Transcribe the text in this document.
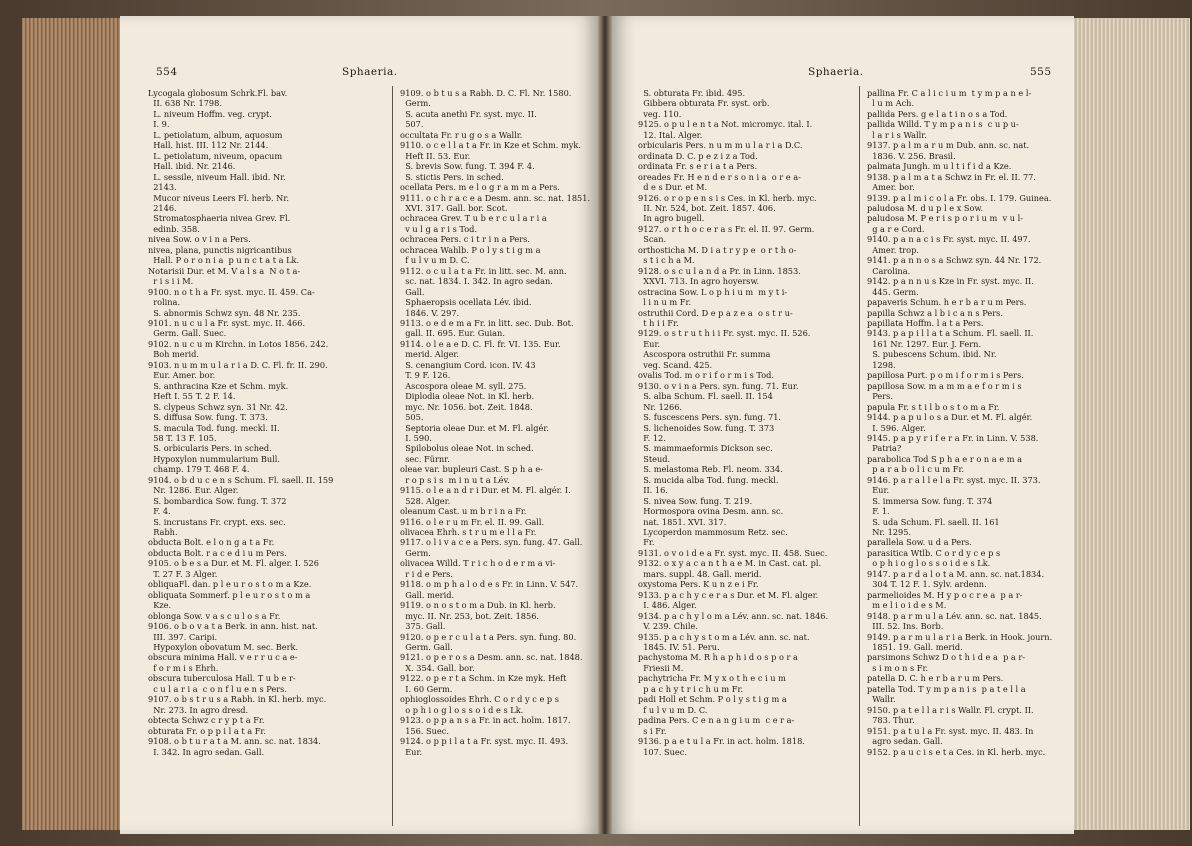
554	Sphaeria.
Lycogala globosum Schrk.Fl. bav.
II. 638 Nr. 1798.
L. niveum Hoffm. veg. crypt.
I. 9.
L. petiolatum, album, aquosum
Hall. hist. III. 112 Nr. 2144.
L. petiolatum, niveum, opacum
Hall. ibid. Nr. 2146.
L. sessile, niveum Hall. ibid. Nr.
2143.
Mucor niveus Leers Fl. herb. Nr.
2146.
Stromatosphaeria nivea Grev. Fl.
edinb. 358.
nivea Sow. o v i n a Pers.
nivea, plana, punctis nigricantibus
Hall. P o r o n i a  p u n c t a t a Lk.
Notarisii Dur. et M. V a l s a  N o t a-
r i s i i M.
9100. n o t h a Fr. syst. myc. II. 459. Ca-
rolina.
S. abnormis Schwz syn. 48 Nr. 235.
9101. n u c u l a Fr. syst. myc. II. 466.
Germ. Gall. Suec.
9102. n u c u m Kirchn. in Lotos 1856. 242.
Boh merid.
9103. n u m m u l a r i a D. C. Fl. fr. II. 290.
Eur. Amer. bor.
S. anthracina Kze et Schm. myk.
Heft I. 55 T. 2 F. 14.
S. clypeus Schwz syn. 31 Nr. 42.
S. diffusa Sow. fung. T. 373.
S. macula Tod. fung. meckl. II.
58 T. 13 F. 105.
S. orbicularis Pers. in sched.
Hypoxylon nummularium Bull.
champ. 179 T. 468 F. 4.
9104. o b d u c e n s Schum. Fl. saell. II. 159
Nr. 1286. Eur. Alger.
S. bombardica Sow. fung. T. 372
F. 4.
S. incrustans Fr. crypt. exs. sec.
Rabh.
obducta Bolt. e l o n g a t a Fr.
obducta Bolt. r a c e d i u m Pers.
9105. o b e s a Dur. et M. Fl. alger. I. 526
T. 27 F. 3 Alger.
obliquaFl. dan. p l e u r o s t o m a Kze.
obliquata Sommerf. p l e u r o s t o m a
Kze.
oblonga Sow. v a s c u l o s a Fr.
9106. o b o v a t a Berk. in ann. hist. nat.
III. 397. Caripi.
Hypoxylon obovatum M. sec. Berk.
obscura minima Hall. v e r r u c a e-
f o r m i s Ehrh.
obscura tuberculosa Hall. T u b e r-
c u l a r i a  c o n f l u e n s Pers.
9107. o b s t r u s a Rabh. in Kl. herb. myc.
Nr. 273. In agro dresd.
obtecta Schwz c r y p t a Fr.
obturata Fr. o p p i l a t a Fr.
9108. o b t u r a t a M. ann. sc. nat. 1834.
I. 342. In agro sedan. Gall.
9109. o b t u s a Rabh. D. C. Fl. Nr. 1580.
Germ.
S. acuta anethi Fr. syst. myc. II.
507.
occultata Fr. r u g o s a Wallr.
9110. o c e l l a t a Fr. in Kze et Schm. myk.
Heft II. 53. Eur.
S. brevis Sow. fung. T. 394 F. 4.
S. stictis Pers. in sched.
ocellata Pers. m e l o g r a m m a Pers.
9111. o c h r a c e a Desm. ann. sc. nat. 1851.
XVI. 317. Gall. bor. Scot.
ochracea Grev. T u b e r c u l a r i a
v u l g a r i s Tod.
ochracea Pers. c i t r i n a Pers.
ochracea Wahlb. P o l y s t i g m a
f u l v u m D. C.
9112. o c u l a t a Fr. in litt. sec. M. ann.
sc. nat. 1834. I. 342. In agro sedan.
Gall.
Sphaeropsis ocellata Lév. ibid.
1846. V. 297.
9113. o e d e m a Fr. in litt. sec. Dub. Bot.
gall. II. 695. Eur. Guian.
9114. o l e a e D. C. Fl. fr. VI. 135. Eur.
merid. Alger.
S. cenangium Cord. icon. IV. 43
T. 9 F. 126.
Ascospora oleae M. syll. 275.
Diplodia oleae Not. in Kl. herb.
myc. Nr. 1056. bot. Zeit. 1848.
505.
Septoria oleae Dur. et M. Fl. algér.
I. 590.
Spilobolus oleae Not. in sched.
sec. Fürnr.
oleae var. bupleuri Cast. S p h a e-
r o p s i s  m i n u t a Lév.
9115. o l e a n d r i Dur. et M. Fl. algér. I.
528. Alger.
oleanum Cast. u m b r i n a Fr.
9116. o l e r u m Fr. el. II. 99. Gall.
olivacea Ehrh. s t r u m e l l a Fr.
9117. o l i v a c e a Pers. syn. fung. 47. Gall.
Germ.
olivacea Willd. T r i c h o d e r m a vi-
r i d e Pers.
9118. o m p h a l o d e s Fr. in Linn. V. 547.
Gall. merid.
9119. o n o s t o m a Dub. in Kl. herb.
myc. II. Nr. 253, bot. Zeit. 1856.
375. Gall.
9120. o p e r c u l a t a Pers. syn. fung. 80.
Germ. Gall.
9121. o p e r o s a Desm. ann. sc. nat. 1848.
X. 354. Gall. bor.
9122. o p e r t a Schm. in Kze myk. Heft
I. 60 Germ.
ophioglossoides Ehrh. C o r d y c e p s
o p h i o g l o s s o i d e s Lk.
9123. o p p a n s a Fr. in act. holm. 1817.
156. Suec.
9124. o p p i l a t a Fr. syst. myc. II. 493.
Eur.
Sphaeria.	555
S. obturata Fr. ibid. 495.
Gibbera obturata Fr. syst. orb.
veg. 110.
9125. o p u l e n t a Not. micromyc. ital. I.
12. Ital. Alger.
orbicularis Pers. n u m m u l a r i a D.C.
ordinata D. C. p e z i z a Tod.
ordinata Fr. s e r i a t a Pers.
oreades Fr. H e n d e r s o n i a  o r e a-
d e s Dur. et M.
9126. o r o p e n s i s Ces. in Kl. herb. myc.
II. Nr. 524, bot. Zeit. 1857. 406.
In agro bugell.
9127. o r t h o c e r a s Fr. el. II. 97. Germ.
Scan.
orthosticha M. D i a t r y p e  o r t h o-
s t i c h a M.
9128. o s c u l a n d a Pr. in Linn. 1853.
XXVI. 713. In agro hoyersw.
ostracina Sow. L o p h i u m  m y t i-
l i n u m Fr.
ostruthii Cord. D e p a z e a  o s t r u-
t h i i Fr.
9129. o s t r u t h i i Fr. syst. myc. II. 526.
Eur.
Ascospora ostruthii Fr. summa
veg. Scand. 425.
ovalis Tod. m o r i f o r m i s Tod.
9130. o v i n a Pers. syn. fung. 71. Eur.
S. alba Schum. Fl. saell. II. 154
Nr. 1266.
S. fuscescens Pers. syn. fung. 71.
S. lichenoides Sow. fung. T. 373
F. 12.
S. mammaeformis Dickson sec.
Steud.
S. melastoma Reb. Fl. neom. 334.
S. mucida alba Tod. fung. meckl.
II. 16.
S. nivea Sow. fung. T. 219.
Hormospora ovina Desm. ann. sc.
nat. 1851. XVI. 317.
Lycoperdon mammosum Retz. sec.
Fr.
9131. o v o i d e a Fr. syst. myc. II. 458. Suec.
9132. o x y a c a n t h a e M. in Cast. cat. pl.
mars. suppl. 48. Gall. merid.
oxystoma Pers. K u n z e i Fr.
9133. p a c h y c e r a s Dur. et M. Fl. alger.
I. 486. Alger.
9134. p a c h y l o m a Lév. ann. sc. nat. 1846.
V. 239. Chile.
9135. p a c h y s t o m a Lév. ann. sc. nat.
1845. IV. 51. Peru.
pachystoma M. R h a p h i d o s p o r a
Friesii M.
pachytricha Fr. M y x o t h e c i u m
p a c h y t r i c h u m Fr.
padi Holl et Schm. P o l y s t i g m a
f u l v u m D. C.
padina Pers. C e n a n g i u m  c e r a-
s i Fr.
9136. p a e t u l a Fr. in act. holm. 1818.
107. Suec.
pallina Fr. C a l i c i u m  t y m p a n e l-
l u m Ach.
pallida Pers. g e l a t i n o s a Tod.
pallida Willd. T y m p a n i s  c u p u-
l a r i s Wallr.
9137. p a l m a r u m Dub. ann. sc. nat.
1836. V. 256. Brasil.
palmata Jungh. m u l t i f i d a Kze.
9138. p a l m a t a Schwz in Fr. el. II. 77.
Amer. bor.
9139. p a l m i c o l a Fr. obs. I. 179. Guinea.
paludosa M. d u p l e x Sow.
paludosa M. P e r i s p o r i u m  v u l-
g a r e Cord.
9140. p a n a c i s Fr. syst. myc. II. 497.
Amer. trop.
9141. p a n n o s a Schwz syn. 44 Nr. 172.
Carolina.
9142. p a n n u s Kze in Fr. syst. myc. II.
445. Germ.
papaveris Schum. h e r b a r u m Pers.
papilla Schwz a l b i c a n s Pers.
papillata Hoffm. l a t a Pers.
9143. p a p i l l a t a Schum. Fl. saell. II.
161 Nr. 1297. Eur. J. Fern.
S. pubescens Schum. ibid. Nr.
1298.
papillosa Purt. p o m i f o r m i s Pers.
papillosa Sow. m a m m a e f o r m i s
Pers.
papula Fr. s t i l b o s t o m a Fr.
9144. p a p u l o s a Dur. et M. Fl. algér.
I. 596. Alger.
9145. p a p y r i f e r a Fr. in Linn. V. 538.
Patria?
parabolica Tod S p h a e r o n a e m a
p a r a b o l i c u m Fr.
9146. p a r a l l e l a Fr. syst. myc. II. 373.
Eur.
S. immersa Sow. fung. T. 374
F. 1.
S. uda Schum. Fl. saell. II. 161
Nr. 1295.
parallela Sow. u d a Pers.
parasitica Wtlb. C o r d y c e p s
o p h i o g l o s s o i d e s Lk.
9147. p a r d a l o t a M. ann. sc. nat.1834.
304 T. 12 F. 1. Sylv. ardenn.
parmelioides M. H y p o c r e a  p a r-
m e l i o i d e s M.
9148. p a r m u l a Lév. ann. sc. nat. 1845.
III. 52. Ins. Borb.
9149. p a r m u l a r i a Berk. in Hook. journ.
1851. 19. Gall. merid.
parsimons Schwz D o t h i d e a  p a r-
s i m o n s Fr.
patella D. C. h e r b a r u m Pers.
patella Tod. T y m p a n i s  p a t e l l a
Wallr.
9150. p a t e l l a r i s Wallr. Fl. crypt. II.
783. Thur.
9151. p a t u l a Fr. syst. myc. II. 483. In
agro sedan. Gall.
9152. p a u c i s e t a Ces. in Kl. herb. myc.
